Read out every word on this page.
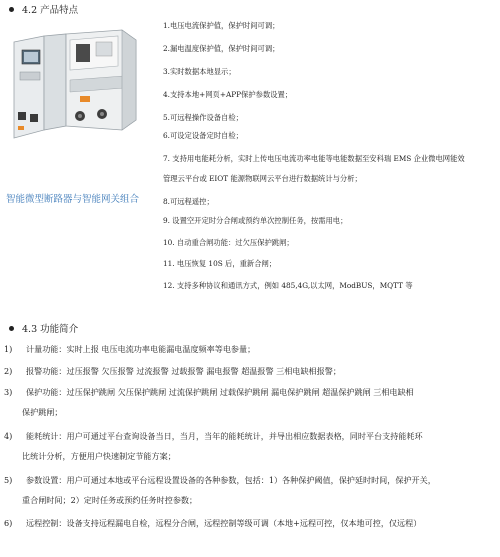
4.2 产品特点
智能微型断路器与智能网关组合
1.电压电流保护值，保护时间可调；
2.漏电温度保护值，保护时间可调；
3.实时数据本地显示；
4.支持本地+网页+APP保护参数设置；
5.可远程操作设备自检；
6.可设定设备定时自检；
7. 支持用电能耗分析，实时上传电压电流功率电能等电能数据至安科瑞 EMS 企业微电网能效
管理云平台或 EIOT 能源物联网云平台进行数据统计与分析；
8.可远程遥控；
9. 设置空开定时分合闸或预约单次控制任务，按需用电；
10. 自动重合闸功能：过欠压保护跳闸；
11. 电压恢复 10S 后，重新合闸；
12. 支持多种协议和通讯方式，例如 485,4G,以太网，ModBUS，MQTT 等
4.3 功能简介
1) 计量功能：实时上报 电压电流功率电能漏电温度频率等电参量；
2) 报警功能：过压报警 欠压报警 过流报警 过载报警 漏电报警 超温报警 三相电缺相报警；
3) 保护功能：过压保护跳闸 欠压保护跳闸 过流保护跳闸 过载保护跳闸 漏电保护跳闸 超温保护跳闸 三相电缺相
保护跳闸；
4) 能耗统计：用户可通过平台查询设备当日，当月，当年的能耗统计，并导出相应数据表格，同时平台支持能耗环
比统计分析，方便用户快速制定节能方案；
5) 参数设置：用户可通过本地或平台远程设置设备的各种参数，包括：1）各种保护阈值，保护延时时间，保护开关，
重合闸时间；2）定时任务或预约任务时控参数；
6) 远程控制：设备支持远程漏电自检，远程分合闸，远程控制等级可调（本地+远程可控，仅本地可控，仅远程）
